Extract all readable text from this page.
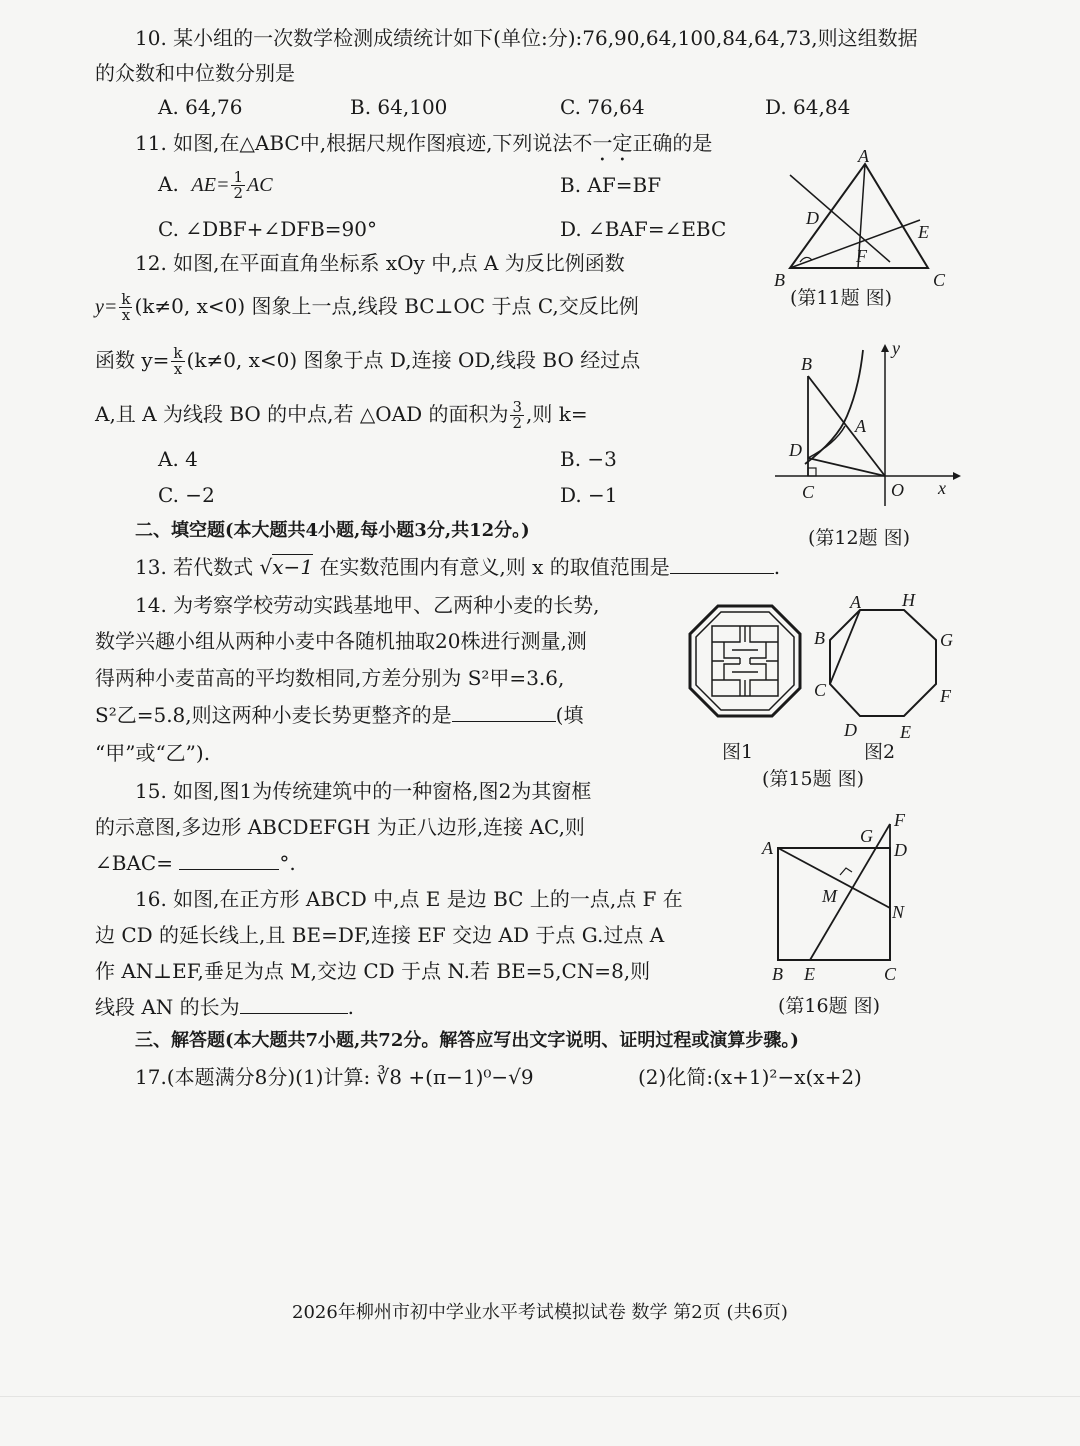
10. 某小组的一次数学检测成绩统计如下(单位:分):76,90,64,100,84,64,73,则这组数据
的众数和中位数分别是
A. 64,76	B. 64,100	C. 76,64	D. 64,84
11. 如图,在△ABC中,根据尺规作图痕迹,下列说法不一定正确的是
A. $AE= \frac{1}{2}$ AC	B. AF=BF
C. ∠DBF+∠DFB=90°	D. ∠BAF=∠EBC
A
B	C
D
E
F
(第11题 图)
12. 如图,在平面直角坐标系 xOy 中,点 A 为反比例函数
$y= \frac{k}{x} (k\ne 0$, x<0) 图象上一点,线段 BC⊥OC 于点 C,交反比例
函数 $y= \frac{k}{x} (k\ne 0$, x<0) 图象于点 D,连接 OD,线段 BO 经过点
A,且 A 为线段 BO 的中点,若 △OAD 的面积为 $\frac{3}{2}$ ,则 k=
A. 4	B. −3
C. −2	D. −1
B
A
D
C	O x
y
(第12题 图)
二、填空题(本大题共4小题,每小题3分,共12分。)
13. 若代数式 √x−1 在实数范围内有意义,则 x 的取值范围是	.
14. 为考察学校劳动实践基地甲、乙两种小麦的长势,
数学兴趣小组从两种小麦中各随机抽取20株进行测量,测
得两种小麦苗高的平均数相同,方差分别为 S²甲=3.6,
S²乙=5.8,则这两种小麦长势更整齐的是	(填
“甲”或“乙”).
A H
B	G
C	F
D E
图1	图2
(第15题 图)
15. 如图,图1为传统建筑中的一种窗格,图2为其窗框
的示意图,多边形 ABCDEFGH 为正八边形,连接 AC,则
∠BAC=	°.
16. 如图,在正方形 ABCD 中,点 E 是边 BC 上的一点,点 F 在
边 CD 的延长线上,且 BE=DF,连接 EF 交边 AD 于点 G.过点 A
作 AN⊥EF,垂足为点 M,交边 CD 于点 N.若 BE=5,CN=8,则
线段 AN 的长为	.
A
G
F
D
M
N
B E	C
(第16题 图)
三、解答题(本大题共7小题,共72分。解答应写出文字说明、证明过程或演算步骤。)
17.(本题满分8分)(1)计算: ∛8 +(π−1)⁰−√9	(2)化简:(x+1)²−x(x+2)
2026年柳州市初中学业水平考试模拟试卷 数学 第2页 (共6页)
